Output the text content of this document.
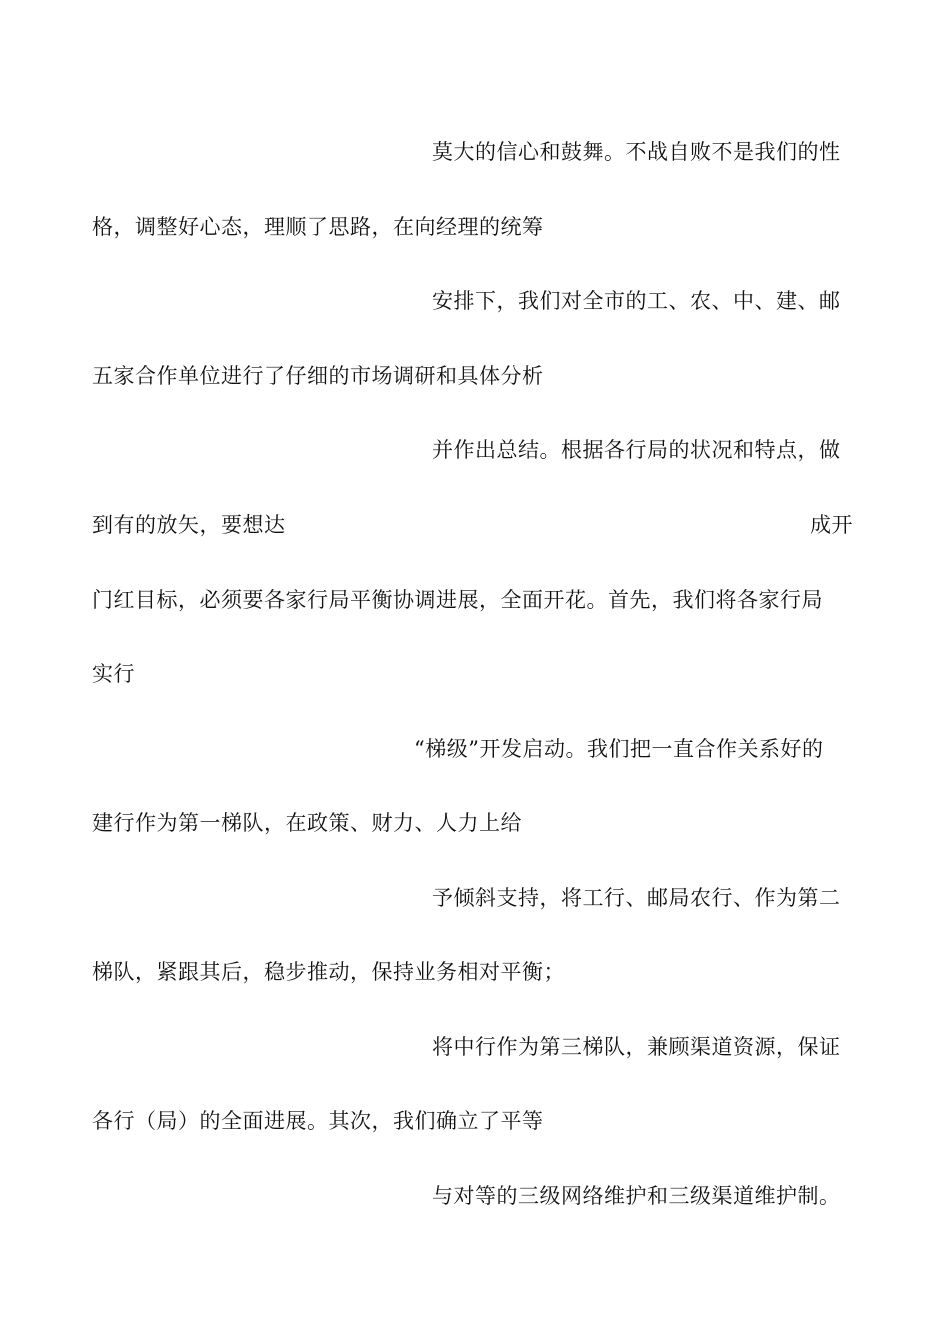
莫大的信心和鼓舞。不战自败不是我们的性
格，调整好心态，理顺了思路，在向经理的统筹
安排下，我们对全市的工、农、中、建、邮
五家合作单位进行了仔细的市场调研和具体分析
并作出总结。根据各行局的状况和特点，做
到有的放矢，要想达	成开
门红目标，必须要各家行局平衡协调进展，全面开花。首先，我们将各家行局
实行
“梯级”开发启动。我们把一直合作关系好的
建行作为第一梯队，在政策、财力、人力上给
予倾斜支持，将工行、邮局农行、作为第二
梯队，紧跟其后，稳步推动，保持业务相对平衡；
将中行作为第三梯队，兼顾渠道资源，保证
各行（局）的全面进展。其次，我们确立了平等
与对等的三级网络维护和三级渠道维护制。
